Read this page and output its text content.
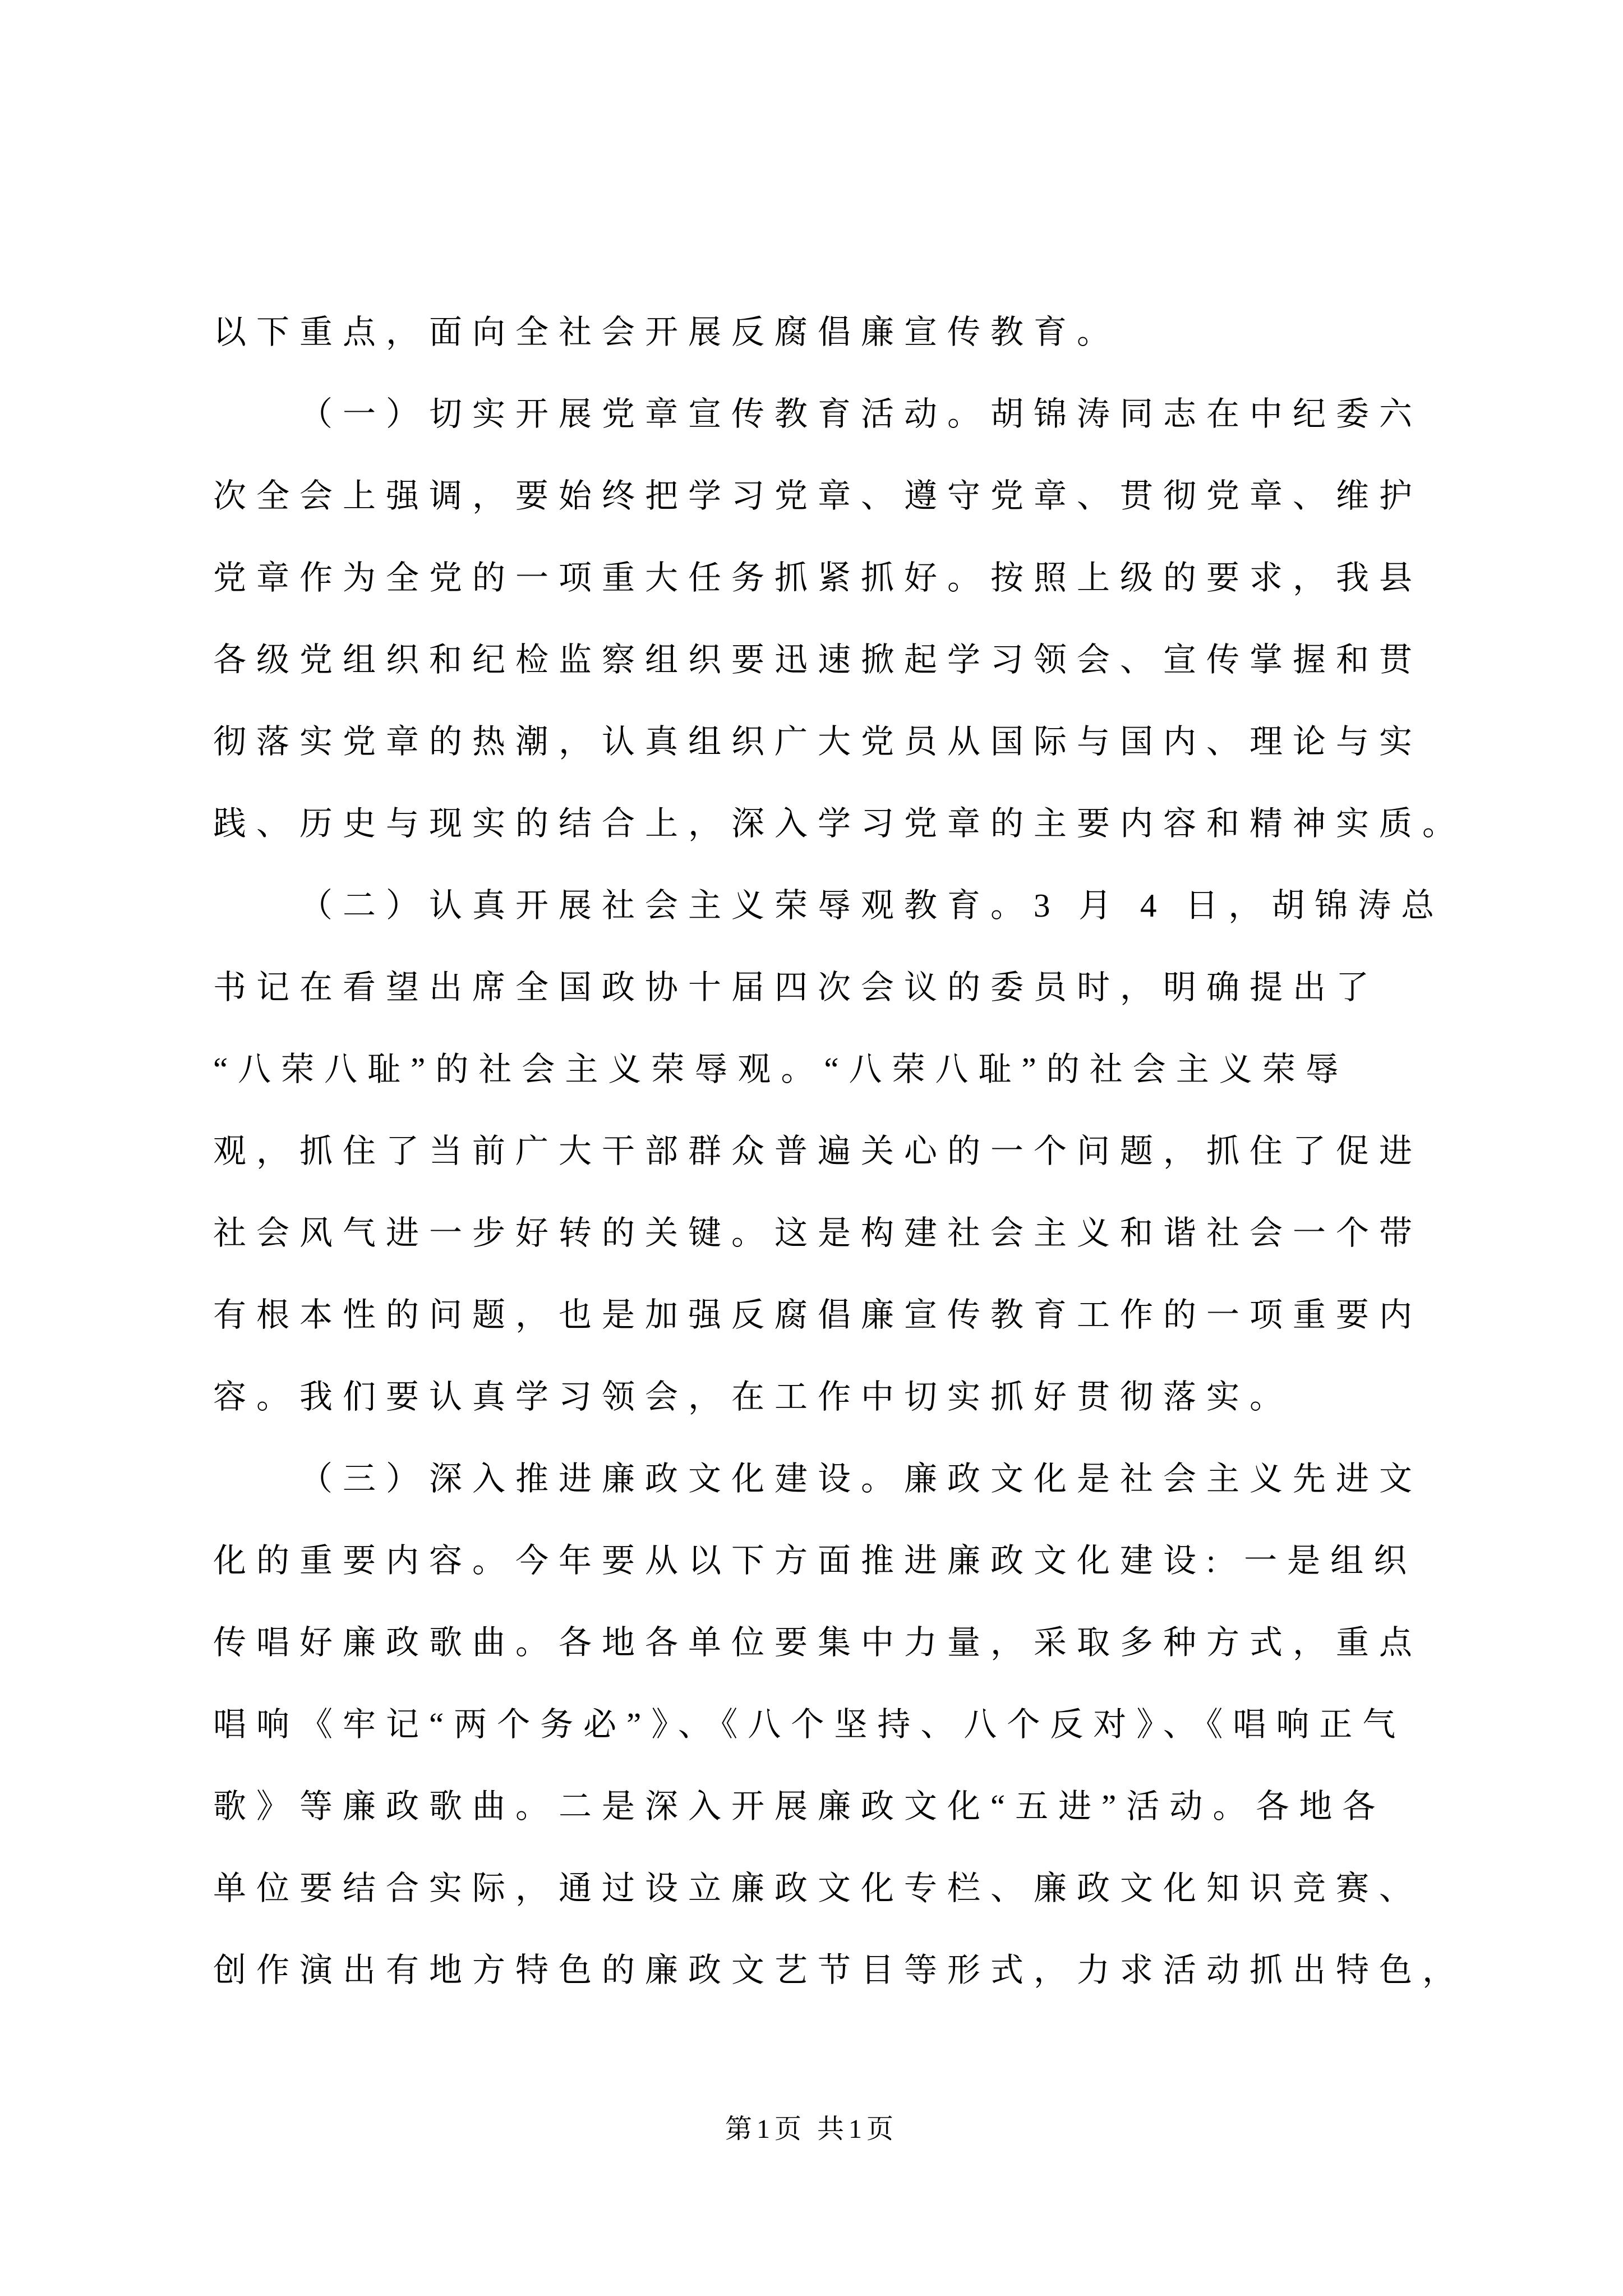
以下重点，面向全社会开展反腐倡廉宣传教育。
（一）切实开展党章宣传教育活动。胡锦涛同志在中纪委六
次全会上强调，要始终把学习党章、遵守党章、贯彻党章、维护
党章作为全党的一项重大任务抓紧抓好。按照上级的要求，我县
各级党组织和纪检监察组织要迅速掀起学习领会、宣传掌握和贯
彻落实党章的热潮，认真组织广大党员从国际与国内、理论与实
践、历史与现实的结合上，深入学习党章的主要内容和精神实质。
（二）认真开展社会主义荣辱观教育。3 月 4 日，胡锦涛总
书记在看望出席全国政协十届四次会议的委员时，明确提出了
“八荣八耻”的社会主义荣辱观。“八荣八耻”的社会主义荣辱
观，抓住了当前广大干部群众普遍关心的一个问题，抓住了促进
社会风气进一步好转的关键。这是构建社会主义和谐社会一个带
有根本性的问题，也是加强反腐倡廉宣传教育工作的一项重要内
容。我们要认真学习领会，在工作中切实抓好贯彻落实。
（三）深入推进廉政文化建设。廉政文化是社会主义先进文
化的重要内容。今年要从以下方面推进廉政文化建设: 一是组织
传唱好廉政歌曲。各地各单位要集中力量，采取多种方式，重点
唱响《牢记“两个务必”》、《八个坚持、八个反对》、《唱响正气
歌》等廉政歌曲。二是深入开展廉政文化“五进”活动。各地各
单位要结合实际，通过设立廉政文化专栏、廉政文化知识竞赛、
创作演出有地方特色的廉政文艺节目等形式，力求活动抓出特色，
第1页 共1页
